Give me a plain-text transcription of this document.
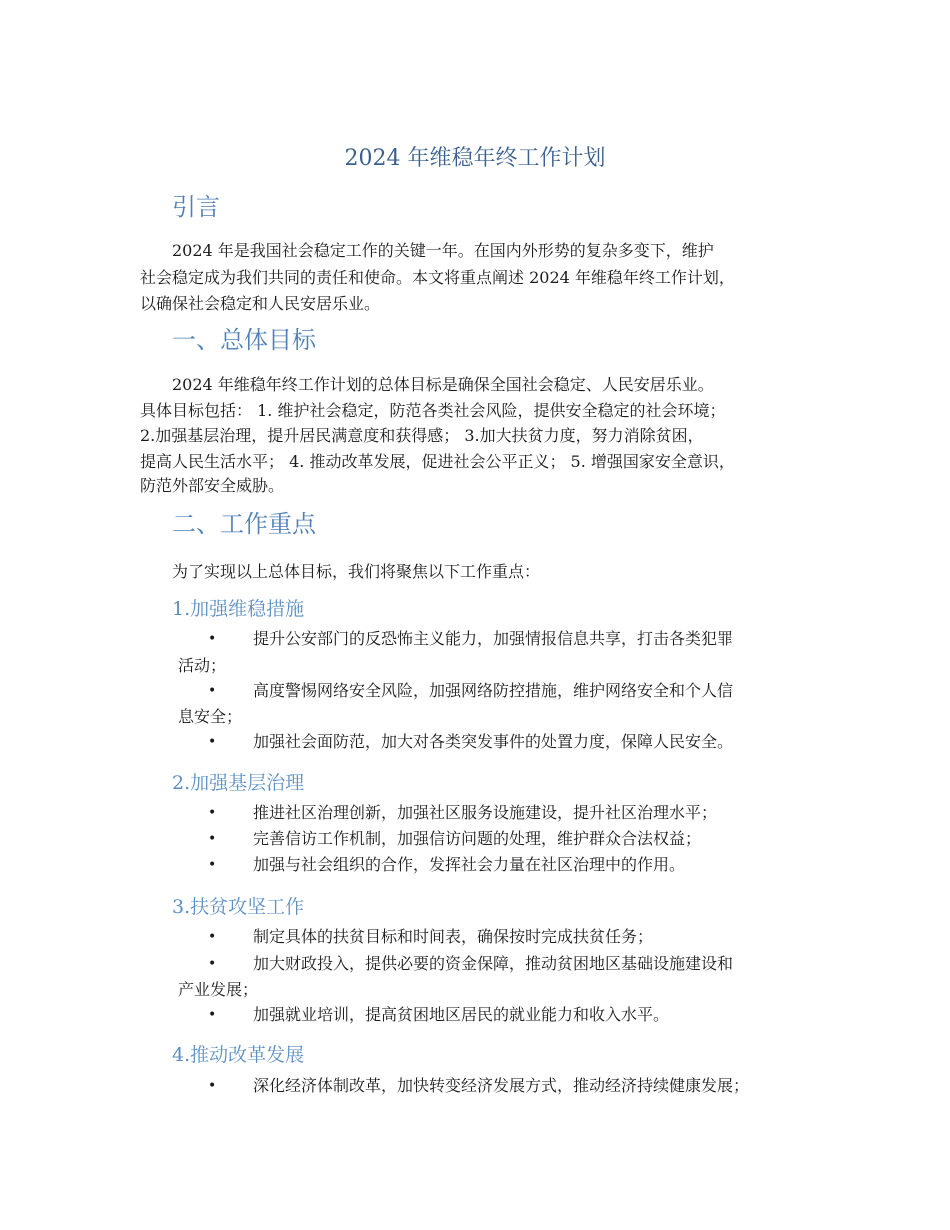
2024 年维稳年终工作计划
引言
2024 年是我国社会稳定工作的关键一年。在国内外形势的复杂多变下，维护
社会稳定成为我们共同的责任和使命。本文将重点阐述 2024 年维稳年终工作计划，
以确保社会稳定和人民安居乐业。
一、总体目标
2024 年维稳年终工作计划的总体目标是确保全国社会稳定、人民安居乐业。
具体目标包括： 1. 维护社会稳定，防范各类社会风险，提供安全稳定的社会环境；
2.加强基层治理，提升居民满意度和获得感； 3.加大扶贫力度，努力消除贫困，
提高人民生活水平； 4. 推动改革发展，促进社会公平正义； 5. 增强国家安全意识，
防范外部安全威胁。
二、工作重点
为了实现以上总体目标，我们将聚焦以下工作重点：
1.加强维稳措施
• 提升公安部门的反恐怖主义能力，加强情报信息共享，打击各类犯罪
活动；
• 高度警惕网络安全风险，加强网络防控措施，维护网络安全和个人信
息安全；
• 加强社会面防范，加大对各类突发事件的处置力度，保障人民安全。
2.加强基层治理
• 推进社区治理创新，加强社区服务设施建设，提升社区治理水平；
• 完善信访工作机制，加强信访问题的处理，维护群众合法权益；
• 加强与社会组织的合作，发挥社会力量在社区治理中的作用。
3.扶贫攻坚工作
• 制定具体的扶贫目标和时间表，确保按时完成扶贫任务；
• 加大财政投入，提供必要的资金保障，推动贫困地区基础设施建设和
产业发展；
• 加强就业培训，提高贫困地区居民的就业能力和收入水平。
4.推动改革发展
• 深化经济体制改革，加快转变经济发展方式，推动经济持续健康发展；
